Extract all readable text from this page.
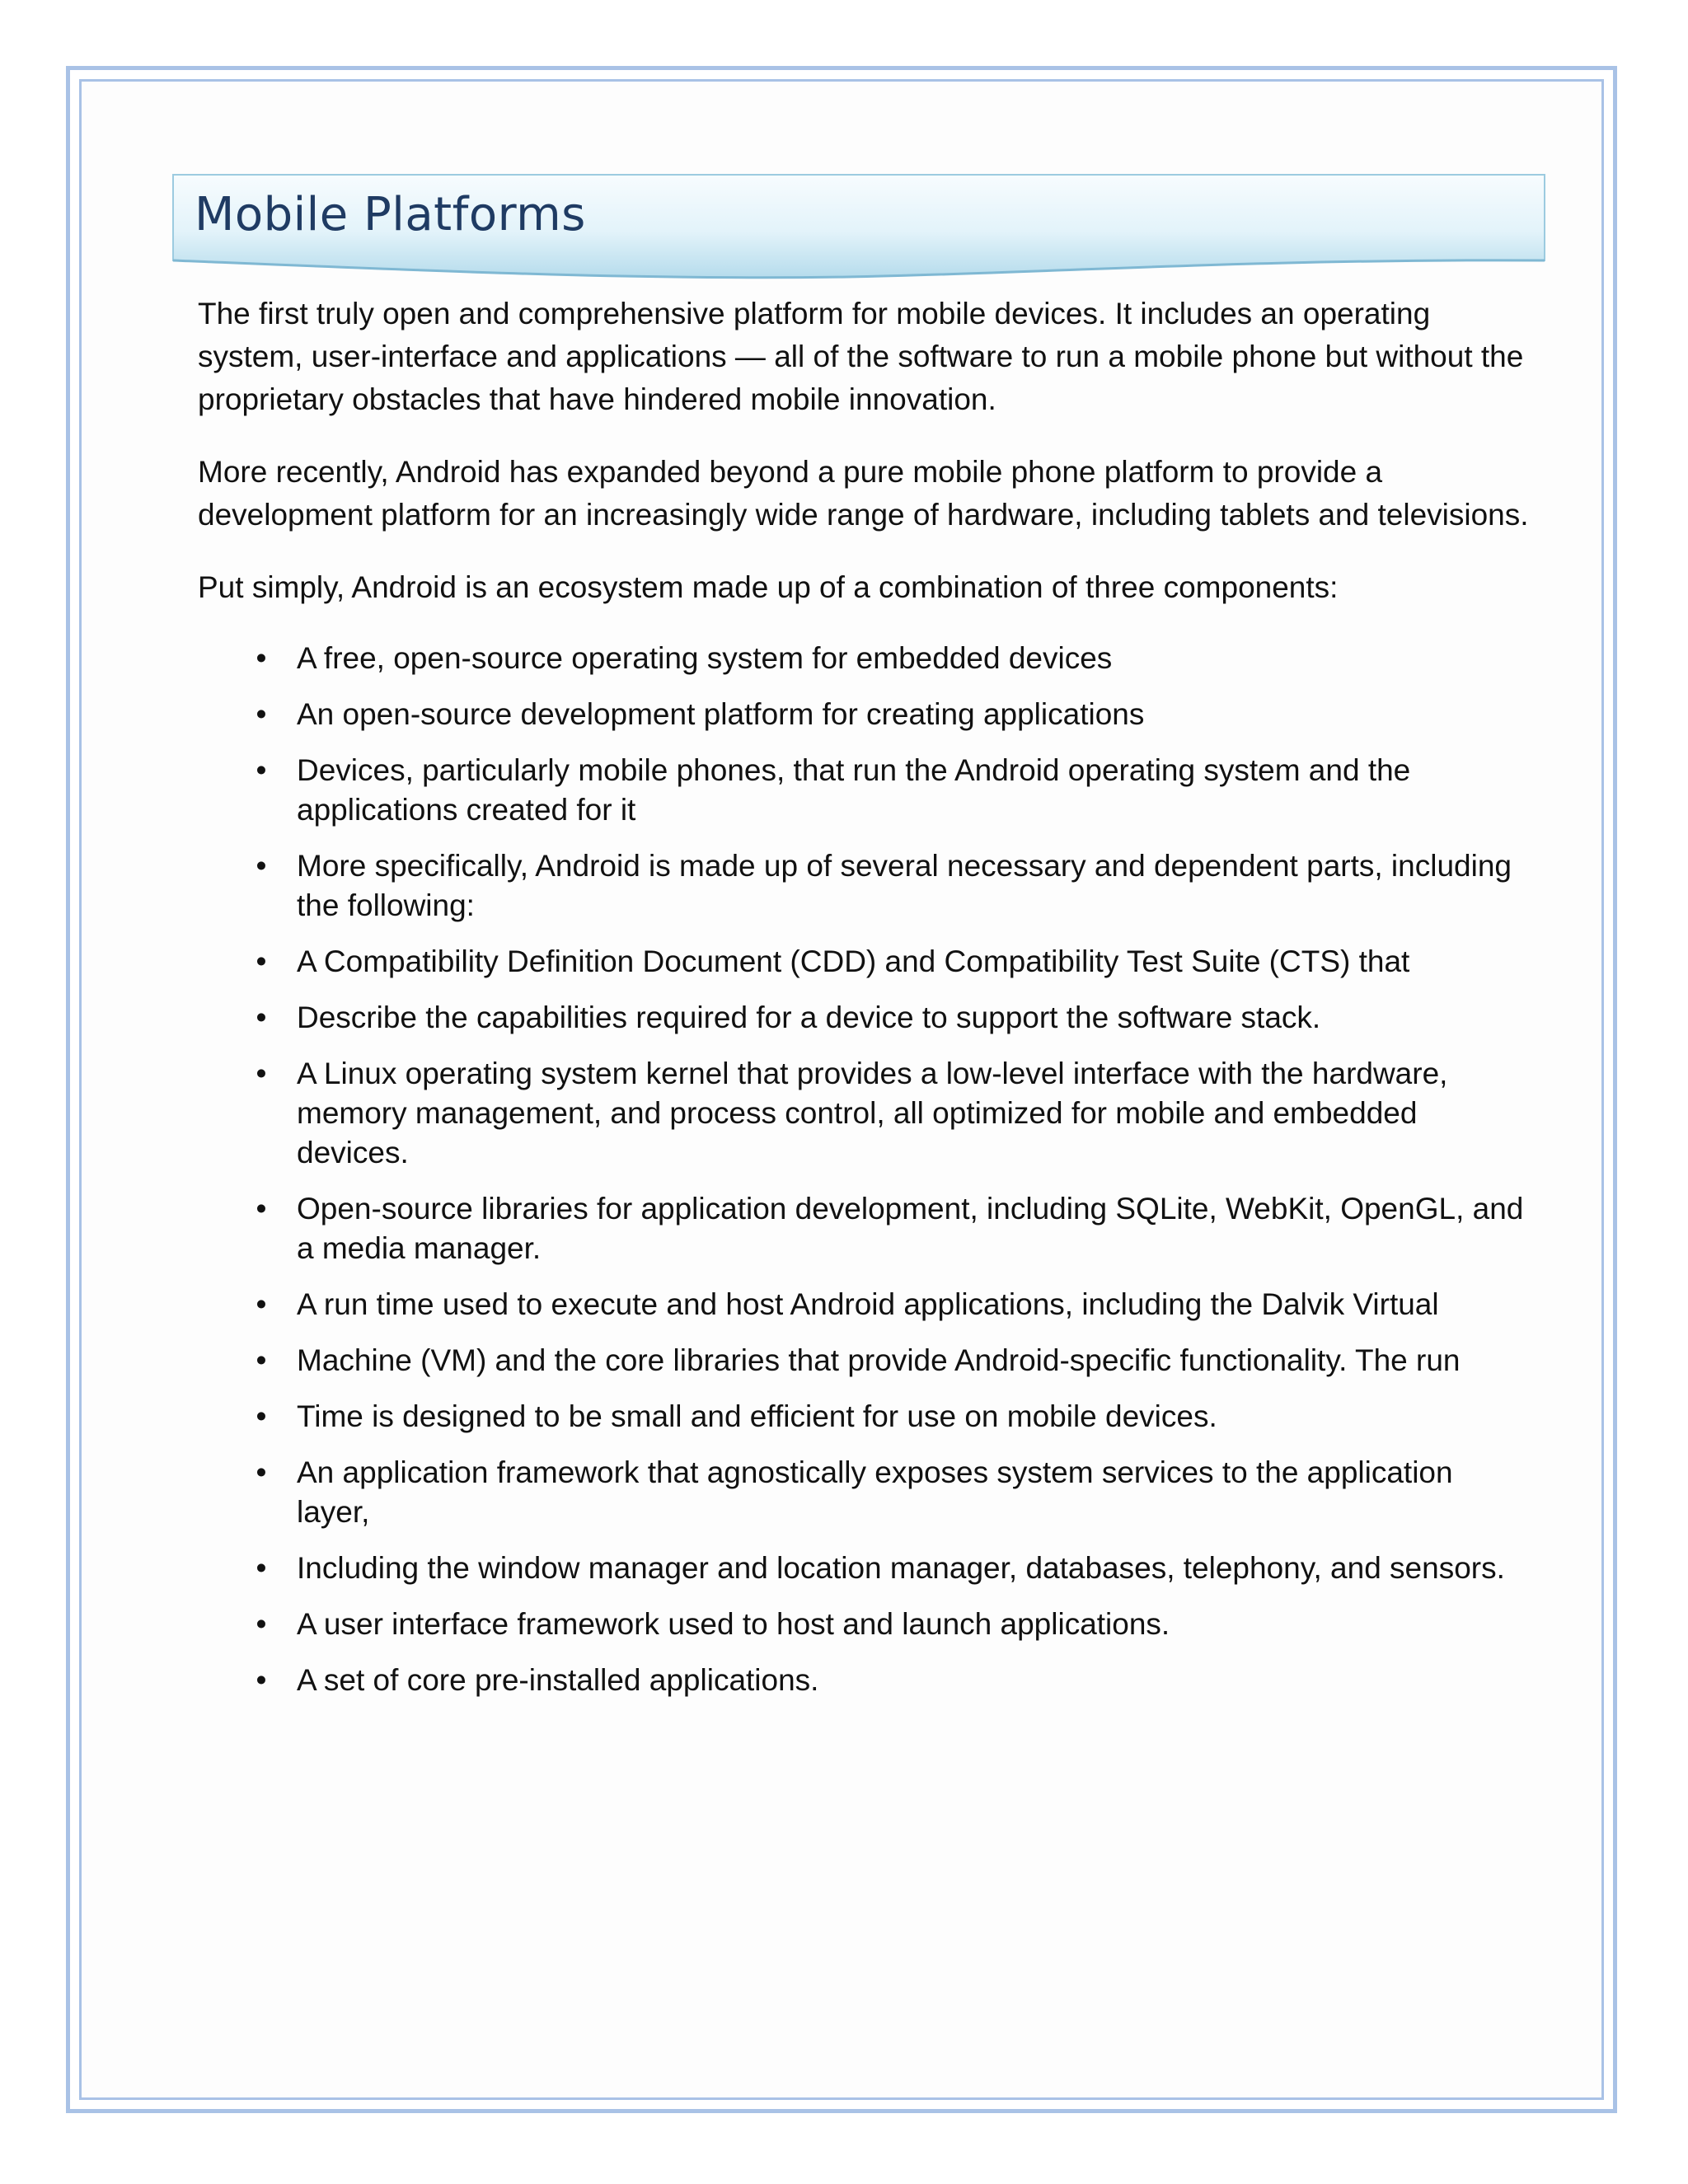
Mobile Platforms

The first truly open and comprehensive platform for mobile devices. It includes an operating system, user-interface and applications — all of the software to run a mobile phone but without the proprietary obstacles that have hindered mobile innovation.

More recently, Android has expanded beyond a pure mobile phone platform to provide a development platform for an increasingly wide range of hardware, including tablets and televisions.

Put simply, Android is an ecosystem made up of a combination of three components:

• A free, open-source operating system for embedded devices
• An open-source development platform for creating applications
• Devices, particularly mobile phones, that run the Android operating system and the applications created for it
• More specifically, Android is made up of several necessary and dependent parts, including the following:
• A Compatibility Definition Document (CDD) and Compatibility Test Suite (CTS) that
• Describe the capabilities required for a device to support the software stack.
• A Linux operating system kernel that provides a low-level interface with the hardware, memory management, and process control, all optimized for mobile and embedded devices.
• Open-source libraries for application development, including SQLite, WebKit, OpenGL, and a media manager.
• A run time used to execute and host Android applications, including the Dalvik Virtual
• Machine (VM) and the core libraries that provide Android-specific functionality. The run
• Time is designed to be small and efficient for use on mobile devices.
• An application framework that agnostically exposes system services to the application layer,
• Including the window manager and location manager, databases, telephony, and sensors.
• A user interface framework used to host and launch applications.
• A set of core pre-installed applications.
